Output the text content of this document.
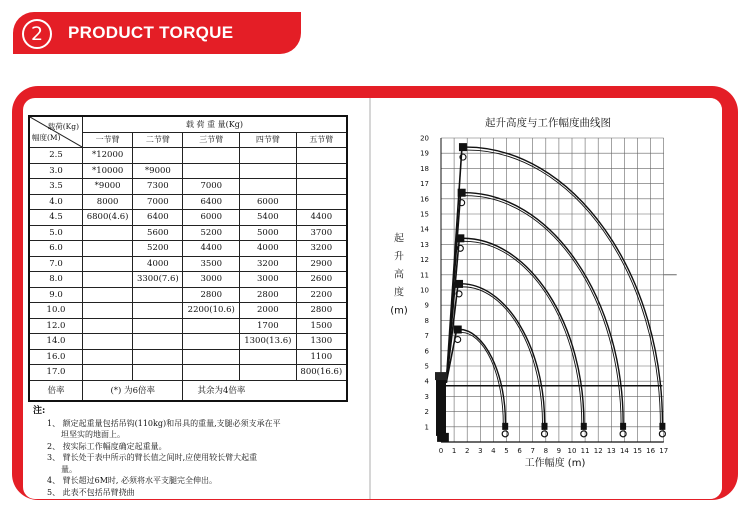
2	PRODUCT TORQUE
载荷(Kg)
幅度(M)	载 荷 重 量(Kg)				
	一节臂	二节臂	三节臂	四节臂	五节臂
2.5	*12000				
3.0	*10000	*9000			
3.5	*9000	7300	7000		
4.0	8000	7000	6400	6000	
4.5	6800(4.6)	6400	6000	5400	4400
5.0		5600	5200	5000	3700
6.0		5200	4400	4000	3200
7.0		4000	3500	3200	2900
8.0		3300(7.6)	3000	3000	2600
9.0			2800	2800	2200
10.0			2200(10.6)	2000	2800
12.0				1700	1500
14.0				1300(13.6)	1300
16.0					1100
17.0					800(16.6)
倍率	(*) 为6倍率		其余为4倍率		
注:
1、 额定起重量包括吊钩(110kg)和吊具的重量,支腿必须支承在平
坦坚实的地面上。
2、 按实际工作幅度确定起重量。
3、 臂长处于表中所示的臂长值之间时,应使用较长臂大起重
量。
4、 臂长超过6M时, 必须将水平支腿完全伸出。
5、 此表不包括吊臂挠曲
起升高度与工作幅度曲线图
工作幅度 (m)
起
升
高
度
(m)
0 1 2 3 4 5 6 7 8 9 10 11 12 13 14 15 16 17
1
2
3
4
5
6
7
8
9
10
11
12
13
14
15
16
17
18
19
20
